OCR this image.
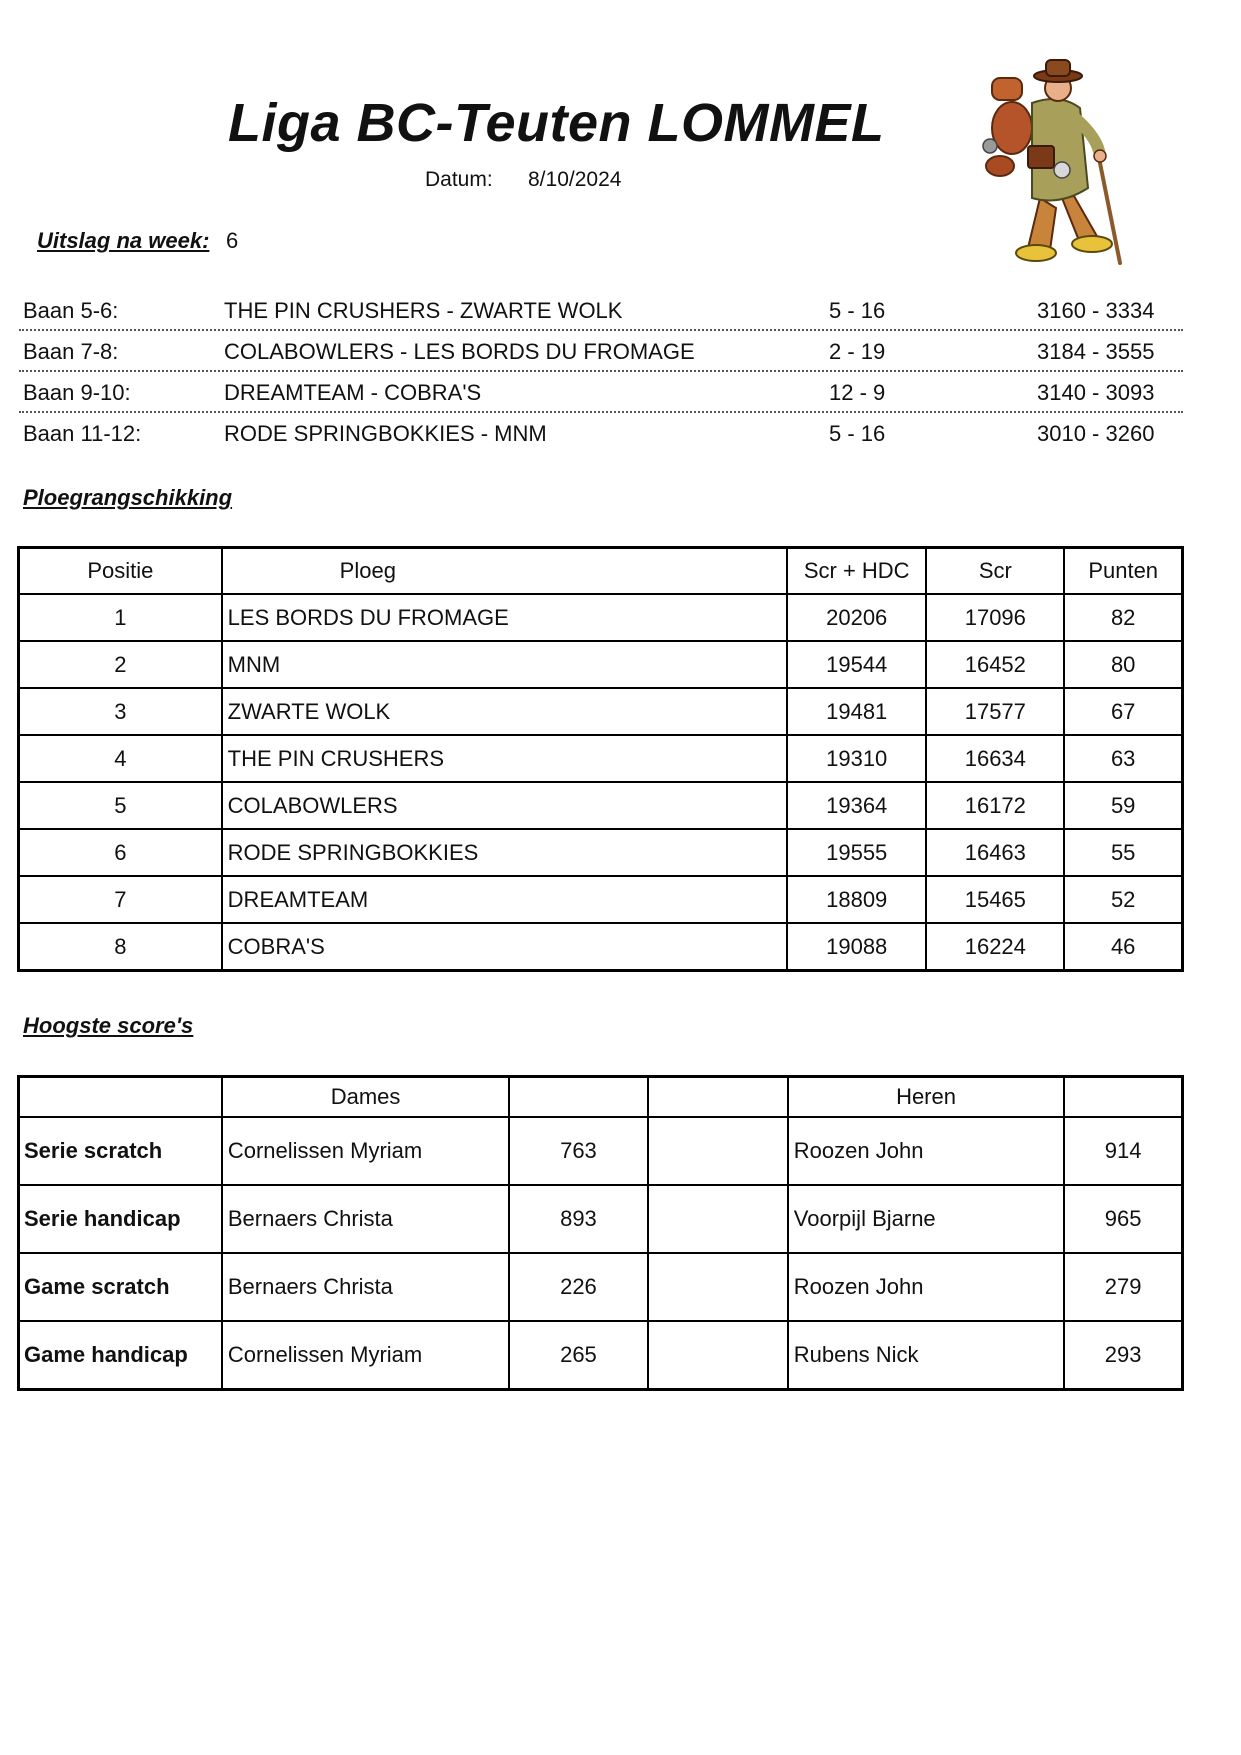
Liga BC-Teuten LOMMEL
Datum: 8/10/2024
Uitslag na week: 6
Baan 5-6:	THE PIN CRUSHERS - ZWARTE WOLK	5 - 16	3160 - 3334
Baan 7-8:	COLABOWLERS - LES BORDS DU FROMAGE	2 - 19	3184 - 3555
Baan 9-10:	DREAMTEAM - COBRA'S	12 - 9	3140 - 3093
Baan 11-12:	RODE SPRINGBOKKIES - MNM	5 - 16	3010 - 3260
Ploegrangschikking
Positie	Ploeg	Scr + HDC	Scr	Punten
1	LES BORDS DU FROMAGE	20206	17096	82
2	MNM	19544	16452	80
3	ZWARTE WOLK	19481	17577	67
4	THE PIN CRUSHERS	19310	16634	63
5	COLABOWLERS	19364	16172	59
6	RODE SPRINGBOKKIES	19555	16463	55
7	DREAMTEAM	18809	15465	52
8	COBRA'S	19088	16224	46
Hoogste score's
	Dames			Heren	
Serie scratch	Cornelissen Myriam	763		Roozen John	914
Serie handicap	Bernaers Christa	893		Voorpijl Bjarne	965
Game scratch	Bernaers Christa	226		Roozen John	279
Game handicap	Cornelissen Myriam	265		Rubens Nick	293
